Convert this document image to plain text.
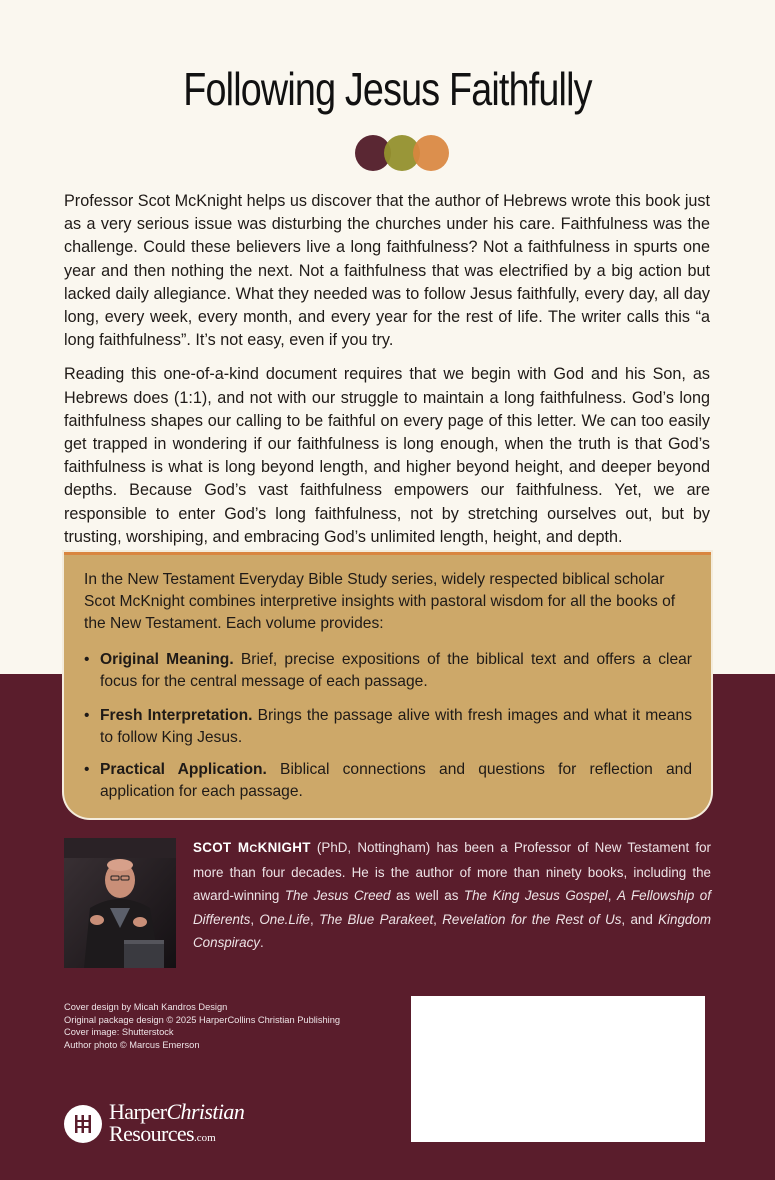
Following Jesus Faithfully

Professor Scot McKnight helps us discover that the author of Hebrews wrote this book just as a very serious issue was disturbing the churches under his care. Faithfulness was the challenge. Could these believers live a long faithfulness? Not a faithfulness in spurts one year and then nothing the next. Not a faithfulness that was electrified by a big action but lacked daily allegiance. What they needed was to follow Jesus faithfully, every day, all day long, every week, every month, and every year for the rest of life. The writer calls this “a long faithfulness”. It’s not easy, even if you try.

Reading this one-of-a-kind document requires that we begin with God and his Son, as Hebrews does (1:1), and not with our struggle to maintain a long faithfulness. God’s long faithfulness shapes our calling to be faithful on every page of this letter. We can too easily get trapped in wondering if our faithfulness is long enough, when the truth is that God’s faithfulness is what is long beyond length, and higher beyond height, and deeper beyond depths. Because God’s vast faithfulness empowers our faithfulness. Yet, we are responsible to enter God’s long faithfulness, not by stretching ourselves out, but by trusting, worshiping, and embracing God’s unlimited length, height, and depth.

In the New Testament Everyday Bible Study series, widely respected biblical scholar Scot McKnight combines interpretive insights with pastoral wisdom for all the books of the New Testament. Each volume provides:

• Original Meaning. Brief, precise expositions of the biblical text and offers a clear focus for the central message of each passage.
• Fresh Interpretation. Brings the passage alive with fresh images and what it means to follow King Jesus.
• Practical Application. Biblical connections and questions for reflection and application for each passage.
SCOT MCKNIGHT (PhD, Nottingham) has been a Professor of New Testament for more than four decades. He is the author of more than ninety books, including the award-winning The Jesus Creed as well as The King Jesus Gospel, A Fellowship of Differents, One.Life, The Blue Parakeet, Revelation for the Rest of Us, and Kingdom Conspiracy.
Cover design by Micah Kandros Design
Original package design © 2025 HarperCollins Christian Publishing
Cover image: Shutterstock
Author photo © Marcus Emerson
HarperChristian
Resources.com
